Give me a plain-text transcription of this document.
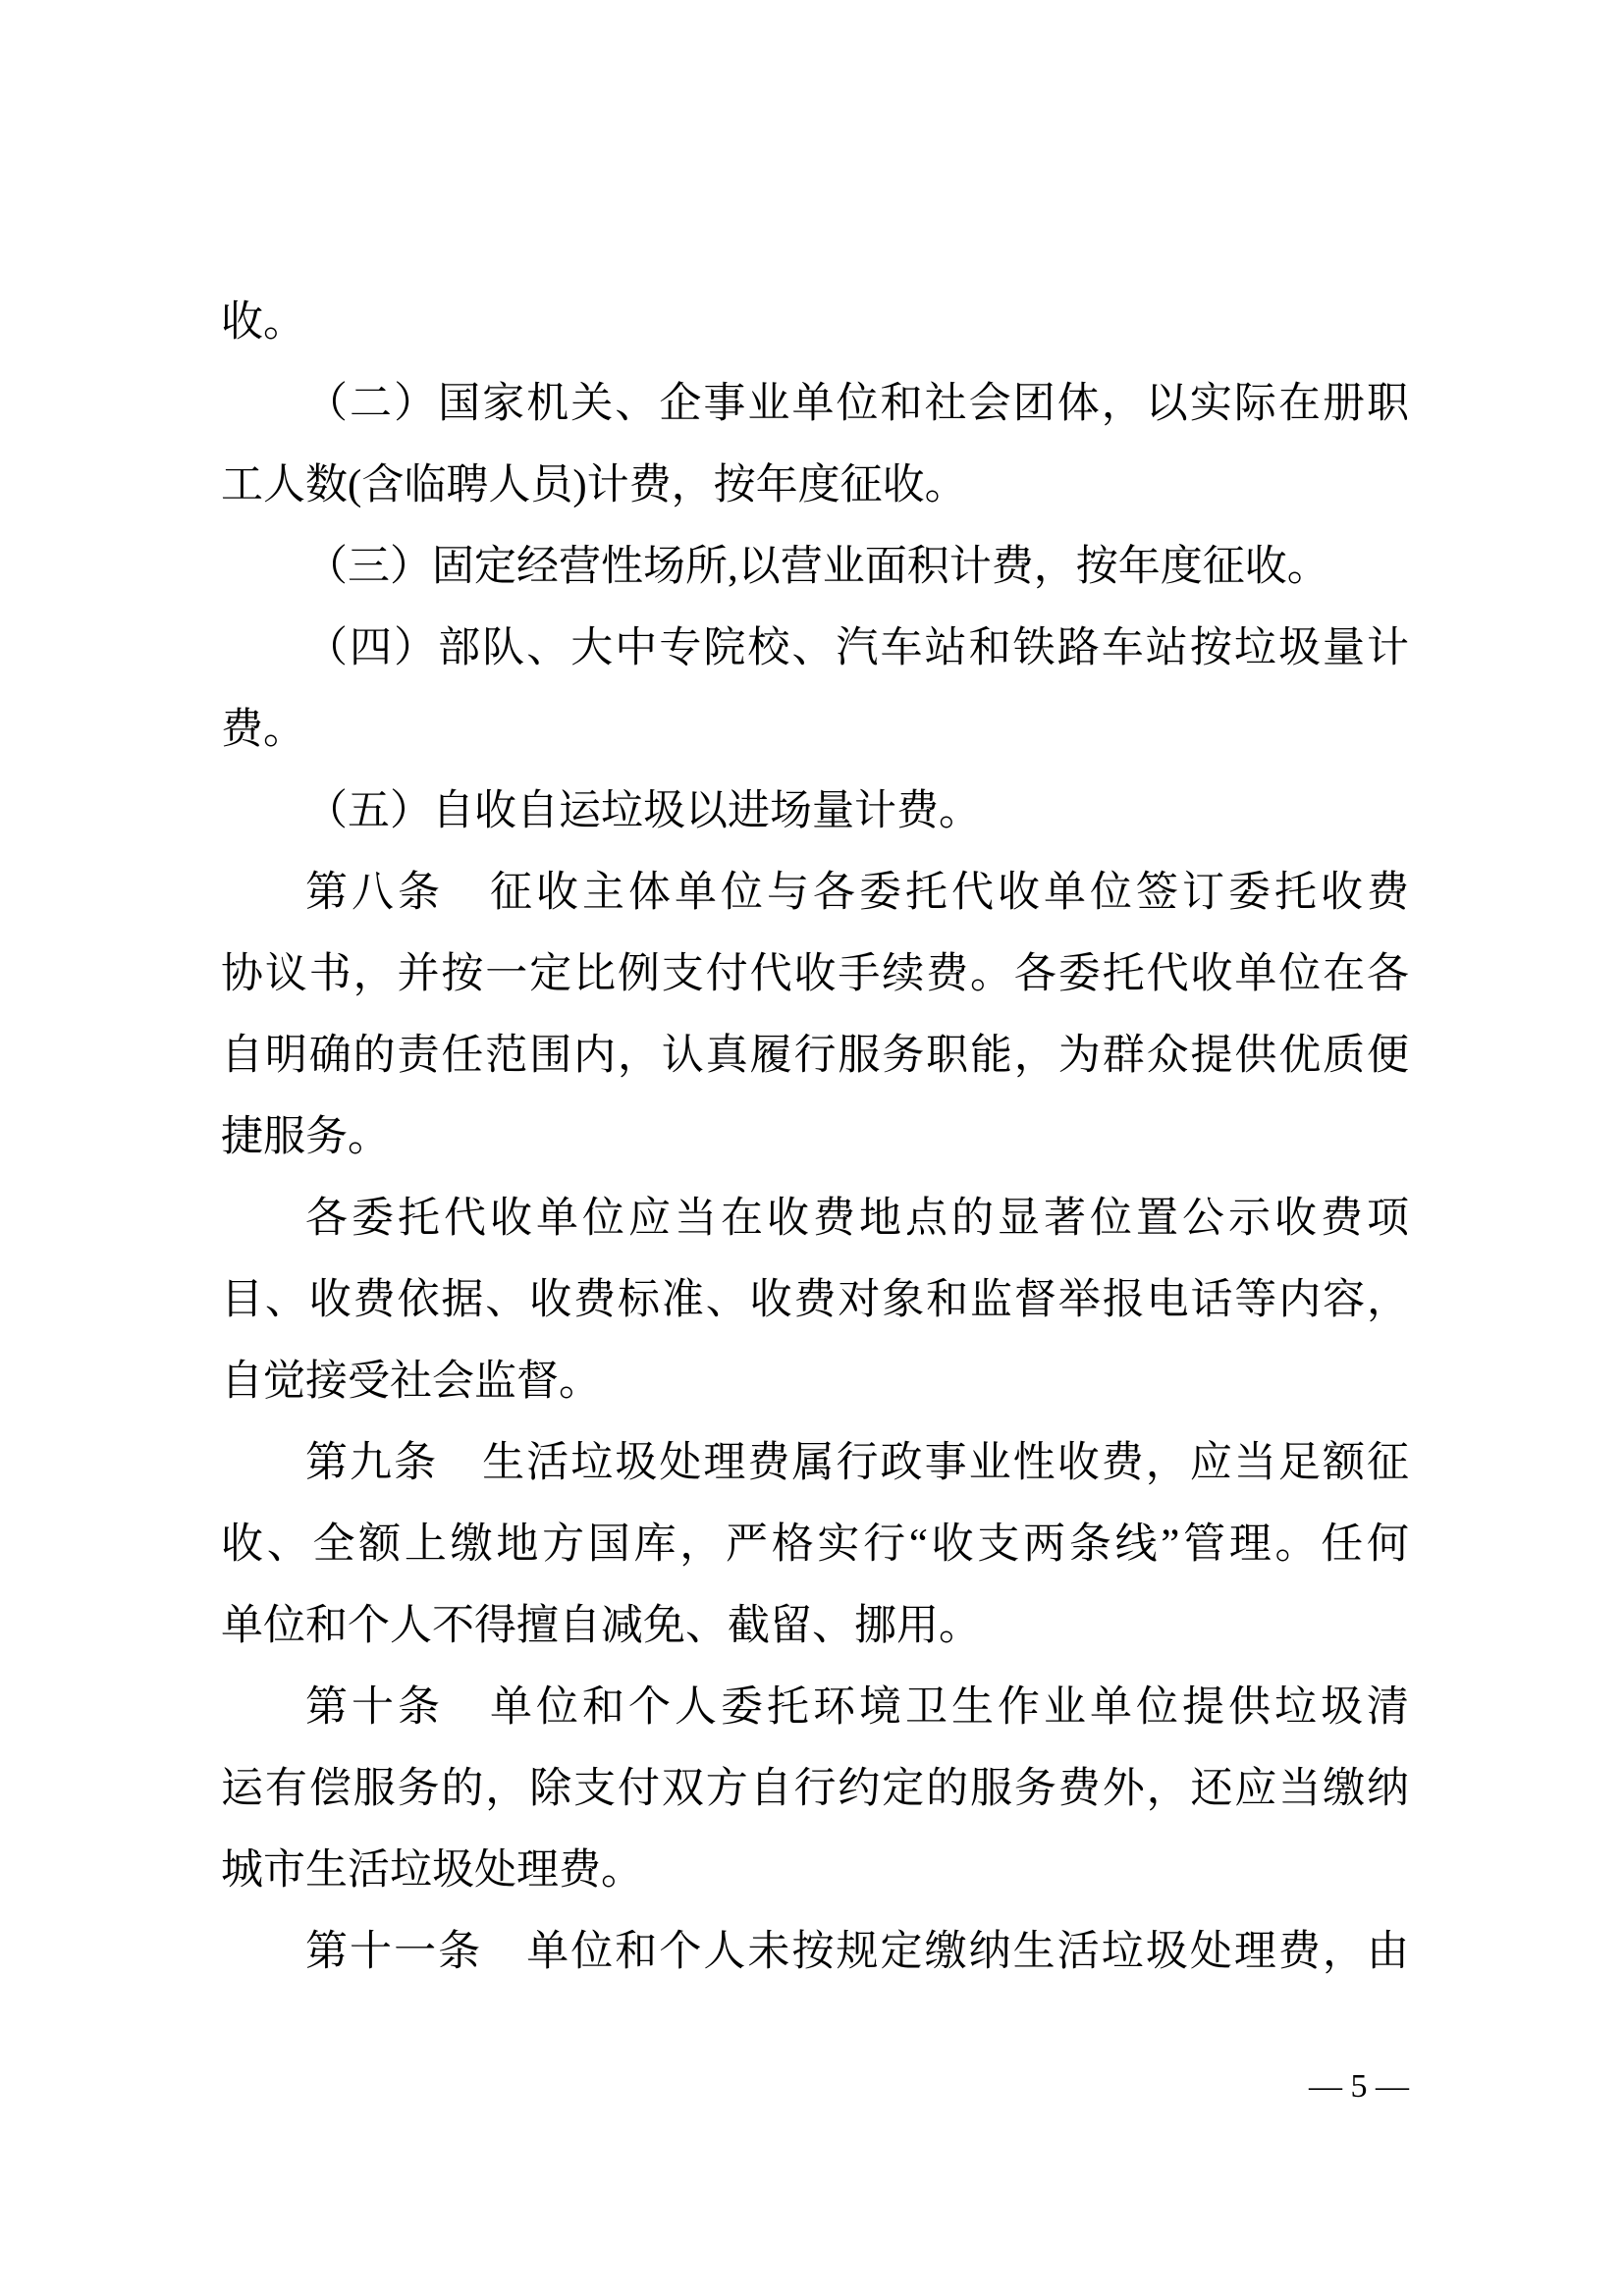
收。
（二）国家机关、企事业单位和社会团体，以实际在册职
工人数(含临聘人员)计费，按年度征收。
（三）固定经营性场所,以营业面积计费，按年度征收。
（四）部队、大中专院校、汽车站和铁路车站按垃圾量计
费。
（五）自收自运垃圾以进场量计费。
第八条　征收主体单位与各委托代收单位签订委托收费
协议书，并按一定比例支付代收手续费。各委托代收单位在各
自明确的责任范围内，认真履行服务职能，为群众提供优质便
捷服务。
各委托代收单位应当在收费地点的显著位置公示收费项
目、收费依据、收费标准、收费对象和监督举报电话等内容，
自觉接受社会监督。
第九条　生活垃圾处理费属行政事业性收费，应当足额征
收、全额上缴地方国库，严格实行“收支两条线”管理。任何
单位和个人不得擅自减免、截留、挪用。
第十条　单位和个人委托环境卫生作业单位提供垃圾清
运有偿服务的，除支付双方自行约定的服务费外，还应当缴纳
城市生活垃圾处理费。
第十一条　单位和个人未按规定缴纳生活垃圾处理费，由
— 5 —
